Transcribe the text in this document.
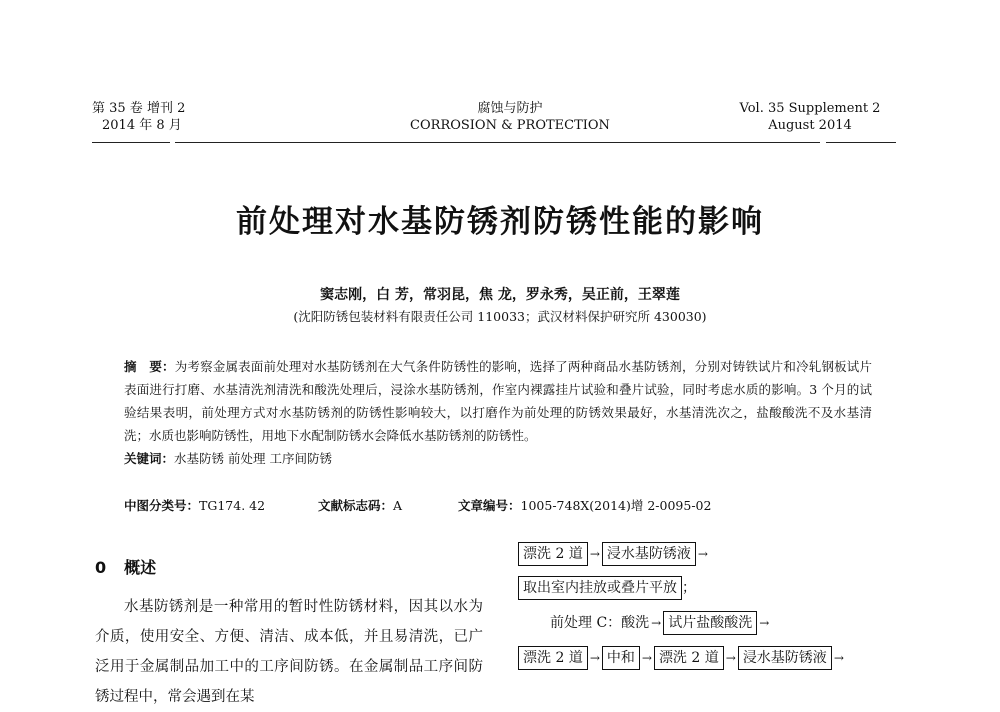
第 35 卷 增刊 2
2014 年 8 月
腐蚀与防护
CORROSION & PROTECTION
Vol. 35 Supplement 2
August 2014
前处理对水基防锈剂防锈性能的影响
窦志刚，白 芳，常羽昆，焦 龙，罗永秀，吴正前，王翠莲
(沈阳防锈包装材料有限责任公司 110033；武汉材料保护研究所 430030)
摘　要：为考察金属表面前处理对水基防锈剂在大气条件防锈性的影响，选择了两种商品水基防锈剂，分别对铸铁试片和冷轧钢板试片表面进行打磨、水基清洗剂清洗和酸洗处理后，浸涂水基防锈剂，作室内裸露挂片试验和叠片试验，同时考虑水质的影响。3 个月的试验结果表明，前处理方式对水基防锈剂的防锈性影响较大，以打磨作为前处理的防锈效果最好，水基清洗次之，盐酸酸洗不及水基清洗；水质也影响防锈性，用地下水配制防锈水会降低水基防锈剂的防锈性。
关键词：水基防锈 前处理 工序间防锈
中图分类号：TG174. 42	文献标志码：A	文章编号：1005-748X(2014)增 2-0095-02
0 概述
水基防锈剂是一种常用的暂时性防锈材料，因其以水为介质，使用安全、方便、清洁、成本低，并且易清洗，已广泛用于金属制品加工中的工序间防锈。在金属制品工序间防锈过程中，常会遇到在某
漂洗 2 道 → 浸水基防锈液 →
取出室内挂放或叠片平放 ；
前处理 C：酸洗 → 试片盐酸酸洗 →
漂洗 2 道 → 中和 → 漂洗 2 道 → 浸水基防锈液 →
